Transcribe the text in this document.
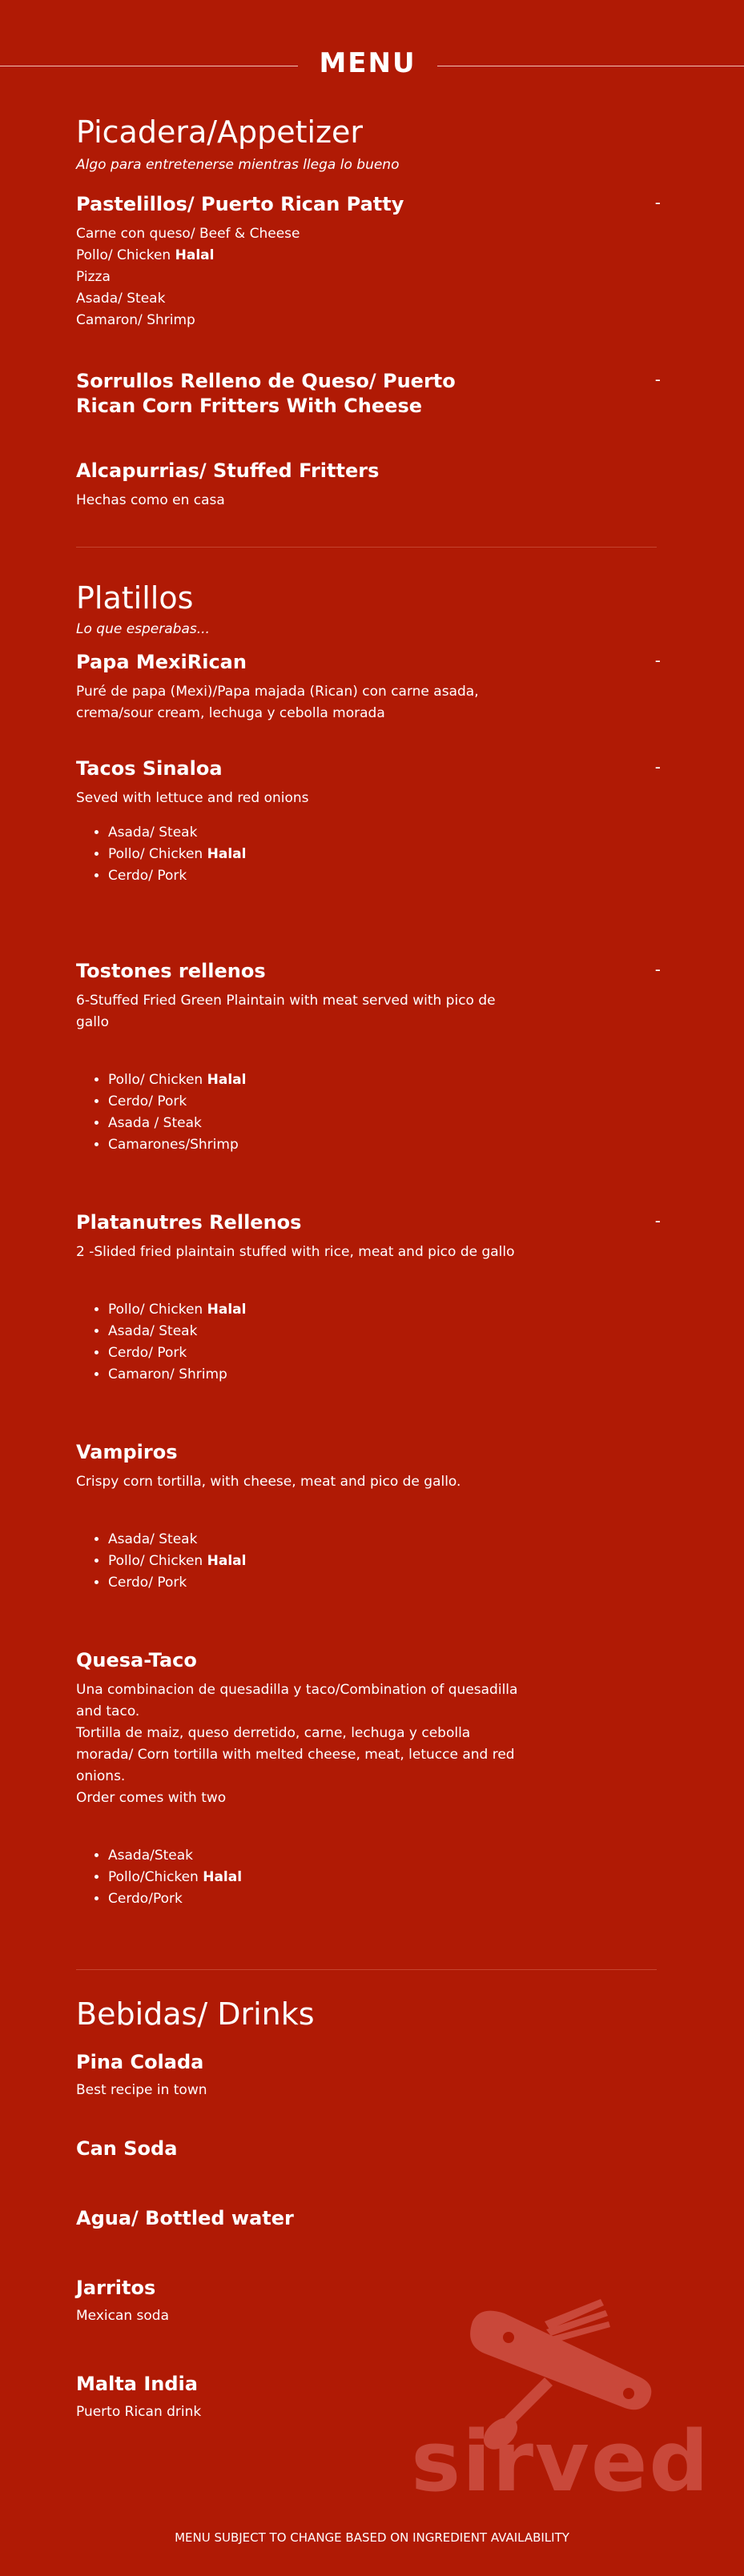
MENU
Picadera/Appetizer

Algo para entretenerse mientras llega lo bueno

Pastelillos/ Puerto Rican Patty	-
Carne con queso/ Beef & Cheese
Pollo/ Chicken Halal
Pizza
Asada/ Steak
Camaron/ Shrimp
Sorrullos Relleno de Queso/ Puerto Rican Corn Fritters With Cheese
-
Alcapurrias/ Stuffed Fritters

Hechas como en casa

Platillos

Lo que esperabas...

Papa MexiRican	-

Puré de papa (Mexi)/Papa majada (Rican) con carne asada, crema/sour cream, lechuga y cebolla morada

Tacos Sinaloa	-

Seved with lettuce and red onions

• Asada/ Steak
• Pollo/ Chicken Halal
• Cerdo/ Pork
Tostones rellenos	-

6-Stuffed Fried Green Plaintain with meat served with pico de gallo

• Pollo/ Chicken Halal
• Cerdo/ Pork
• Asada / Steak
• Camarones/Shrimp
Platanutres Rellenos	-

2 -Slided fried plaintain stuffed with rice, meat and pico de gallo

• Pollo/ Chicken Halal
• Asada/ Steak
• Cerdo/ Pork
• Camaron/ Shrimp
Vampiros

Crispy corn tortilla, with cheese, meat and pico de gallo.

• Asada/ Steak
• Pollo/ Chicken Halal
• Cerdo/ Pork
Quesa-Taco
Una combinacion de quesadilla y taco/Combination of quesadilla and taco.
Tortilla de maiz, queso derretido, carne, lechuga y cebolla morada/ Corn tortilla with melted cheese, meat, letucce and red onions.
Order comes with two
• Asada/Steak
• Pollo/Chicken Halal
• Cerdo/Pork
Bebidas/ Drinks
Pina Colada

Best recipe in town

Can Soda
Agua/ Bottled water
Jarritos

Mexican soda

Malta India

Puerto Rican drink

sirved
MENU SUBJECT TO CHANGE BASED ON INGREDIENT AVAILABILITY
